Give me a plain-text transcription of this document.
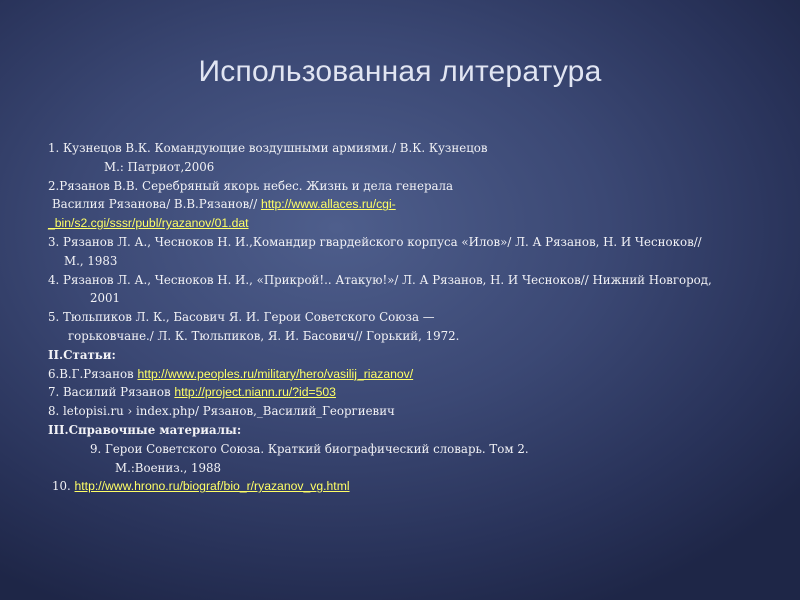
Использованная литература
1. Кузнецов В.К. Командующие воздушными армиями./ В.К. Кузнецов
М.: Патриот,2006
2.Рязанов В.В. Серебряный якорь небес. Жизнь и дела генерала
Василия Рязанова/ В.В.Рязанов// http://www.allaces.ru/cgi-
_bin/s2.cgi/sssr/publ/ryazanov/01.dat
3. Рязанов Л. А., Чесноков Н. И.,Командир гвардейского корпуса «Илов»/ Л. А Рязанов, Н. И Чесноков//
М., 1983
4. Рязанов Л. А., Чесноков Н. И., «Прикрой!.. Атакую!»/ Л. А Рязанов, Н. И Чесноков// Нижний Новгород,
2001
5. Тюльпиков Л. К., Басович Я. И. Герои Советского Союза —
горьковчане./ Л. К. Тюльпиков, Я. И. Басович// Горький, 1972.
II.Статьи:
6.В.Г.Рязанов http://www.peoples.ru/military/hero/vasilij_riazanov/
7. Василий Рязанов http://project.niann.ru/?id=503
8. letopisi.ru › index.php/ Рязанов,_Василий_Георгиевич
III.Справочные материалы:
9. Герои Советского Союза. Краткий биографический словарь. Том 2.
М.:Воениз., 1988
10. http://www.hrono.ru/biograf/bio_r/ryazanov_vg.html
